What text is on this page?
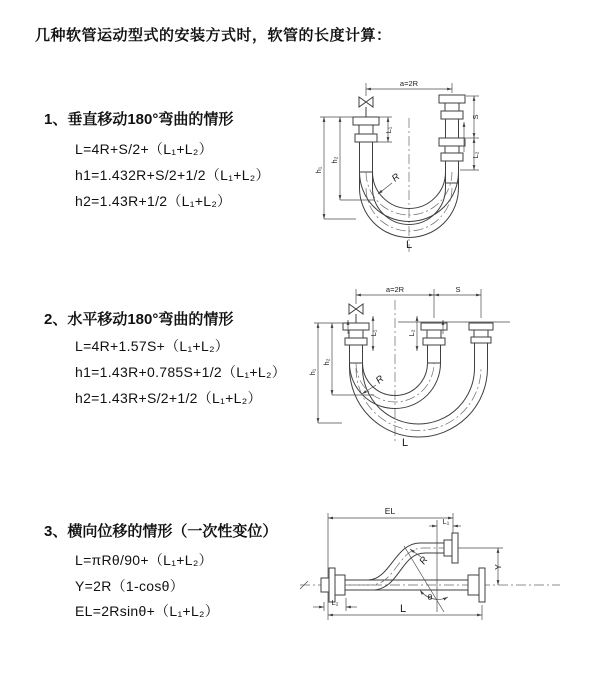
几种软管运动型式的安装方式时，软管的长度计算：
1、垂直移动180°弯曲的情形
L=4R+S/2+（L₁+L₂）
h1=1.432R+S/2+1/2（L₁+L₂）
h2=1.43R+1/2（L₁+L₂）
2、水平移动180°弯曲的情形
L=4R+1.57S+（L₁+L₂）
h1=1.43R+0.785S+1/2（L₁+L₂）
h2=1.43R+S/2+1/2（L₁+L₂）
3、横向位移的情形（一次性变位）
L=πRθ/90+（L₁+L₂）
Y=2R（1-cosθ）
EL=2Rsinθ+（L₁+L₂）
a=2R
S
L₂
L₁
h₁
h₂
R
L
a=2R	S
L₁	L₂
h₁
h₂
R
L
EL
L₁
Y
R
θ
L₂
L
